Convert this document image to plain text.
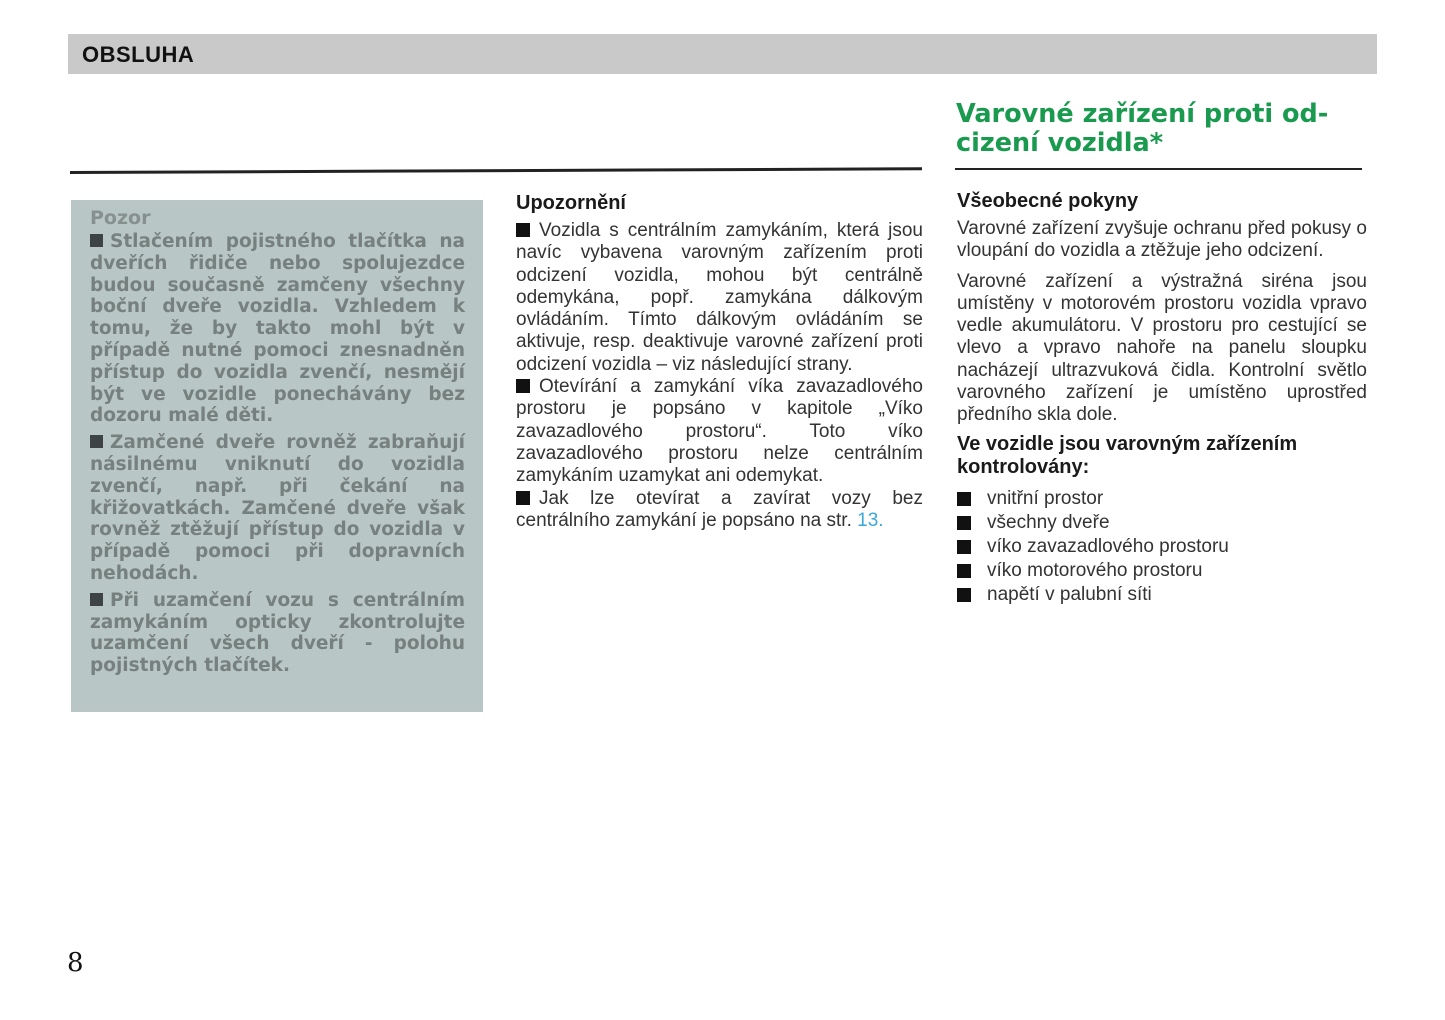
OBSLUHA
Varovné zařízení proti od-
cizení vozidla*
Pozor

Stlačením pojistného tlačítka na dveřích řidiče nebo spolujezdce budou současně zamčeny všechny boční dveře vozidla. Vzhledem k tomu, že by takto mohl být v případě nutné pomoci znesnadněn přístup do vozidla zvenčí, nesmějí být ve vozidle ponechávány bez dozoru malé děti.

Zamčené dveře rovněž zabraňují násilnému vniknutí do vozidla zvenčí, např. při čekání na křižovatkách. Zamčené dveře však rovněž ztěžují přístup do vozidla v případě pomoci při dopravních nehodách.

Při uzamčení vozu s centrálním zamykáním opticky zkontrolujte uzamčení všech dveří - polohu pojistných tlačítek.

Upozornění

Vozidla s centrálním zamykáním, která jsou navíc vybavena varovným zařízením proti odcizení vozidla, mohou být centrálně odemykána, popř. zamykána dálkovým ovládáním. Tímto dálkovým ovládáním se aktivuje, resp. deaktivuje varovné zařízení proti odcizení vozidla – viz následující strany.

Otevírání a zamykání víka zavazadlového prostoru je popsáno v kapitole „Víko zavazadlového prostoru“. Toto víko zavazadlového prostoru nelze centrálním zamykáním uzamykat ani odemykat.

Jak lze otevírat a zavírat vozy bez centrálního zamykání je popsáno na str. 13.

Všeobecné pokyny

Varovné zařízení zvyšuje ochranu před pokusy o vloupání do vozidla a ztěžuje jeho odcizení.

Varovné zařízení a výstražná siréna jsou umístěny v motorovém prostoru vozidla vpravo vedle akumulátoru. V prostoru pro cestující se vlevo a vpravo nahoře na panelu sloupku nacházejí ultrazvuková čidla. Kontrolní světlo varovného zařízení je umístěno uprostřed předního skla dole.

Ve vozidle jsou varovným zařízením kontrolovány:
vnitřní prostor
všechny dveře
víko zavazadlového prostoru
víko motorového prostoru
napětí v palubní síti
8
